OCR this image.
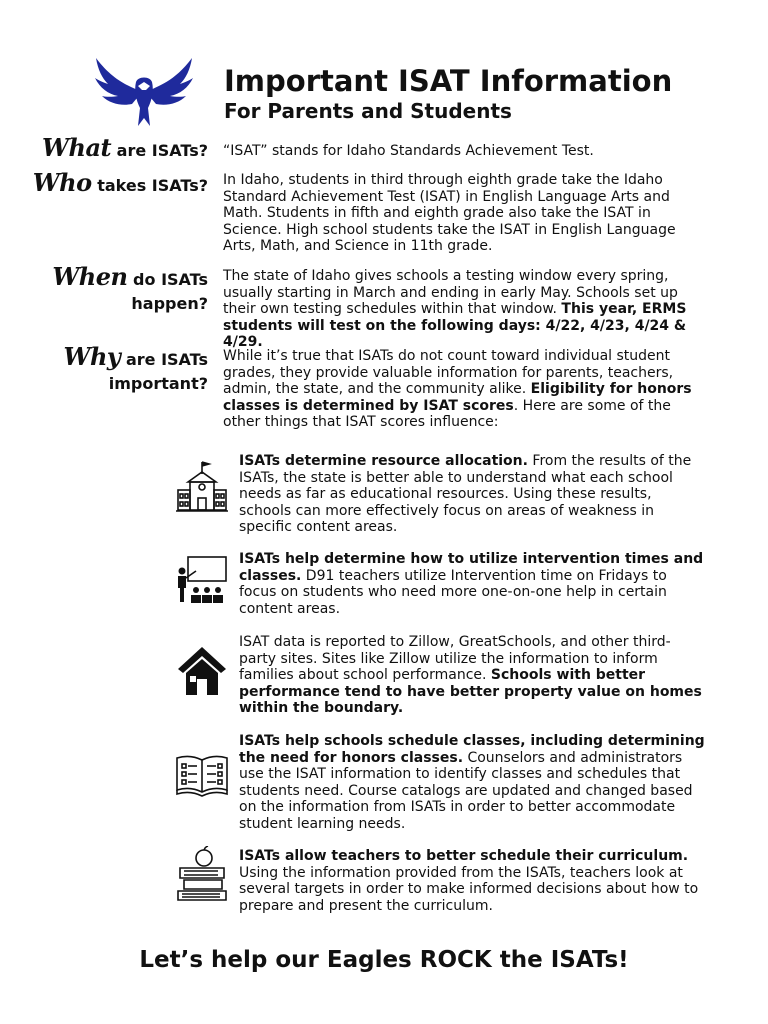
Important ISAT Information
For Parents and Students
What are ISATs? “ISAT” stands for Idaho Standards Achievement Test.
Who takes ISATs? In Idaho, students in third through eighth grade take the Idaho Standard Achievement Test (ISAT) in English Language Arts and Math. Students in fifth and eighth grade also take the ISAT in Science. High school students take the ISAT in English Language Arts, Math, and Science in 11th grade.
When do ISATs
happen?
The state of Idaho gives schools a testing window every spring, usually starting in March and ending in early May. Schools set up their own testing schedules within that window. This year, ERMS students will test on the following days: 4/22, 4/23, 4/24 & 4/29.
Why are ISATs
important?
While it’s true that ISATs do not count toward individual student grades, they provide valuable information for parents, teachers, admin, the state, and the community alike. Eligibility for honors classes is determined by ISAT scores. Here are some of the other things that ISAT scores influence:
ISATs determine resource allocation. From the results of the ISATs, the state is better able to understand what each school needs as far as educational resources. Using these results, schools can more effectively focus on areas of weakness in specific content areas.
ISATs help determine how to utilize intervention times and classes. D91 teachers utilize Intervention time on Fridays to focus on students who need more one-on-one help in certain content areas.
ISAT data is reported to Zillow, GreatSchools, and other third-party sites. Sites like Zillow utilize the information to inform families about school performance. Schools with better performance tend to have better property value on homes within the boundary.
ISATs help schools schedule classes, including determining the need for honors classes. Counselors and administrators use the ISAT information to identify classes and schedules that students need. Course catalogs are updated and changed based on the information from ISATs in order to better accommodate student learning needs.
ISATs allow teachers to better schedule their curriculum. Using the information provided from the ISATs, teachers look at several targets in order to make informed decisions about how to prepare and present the curriculum.
Let’s help our Eagles ROCK the ISATs!
